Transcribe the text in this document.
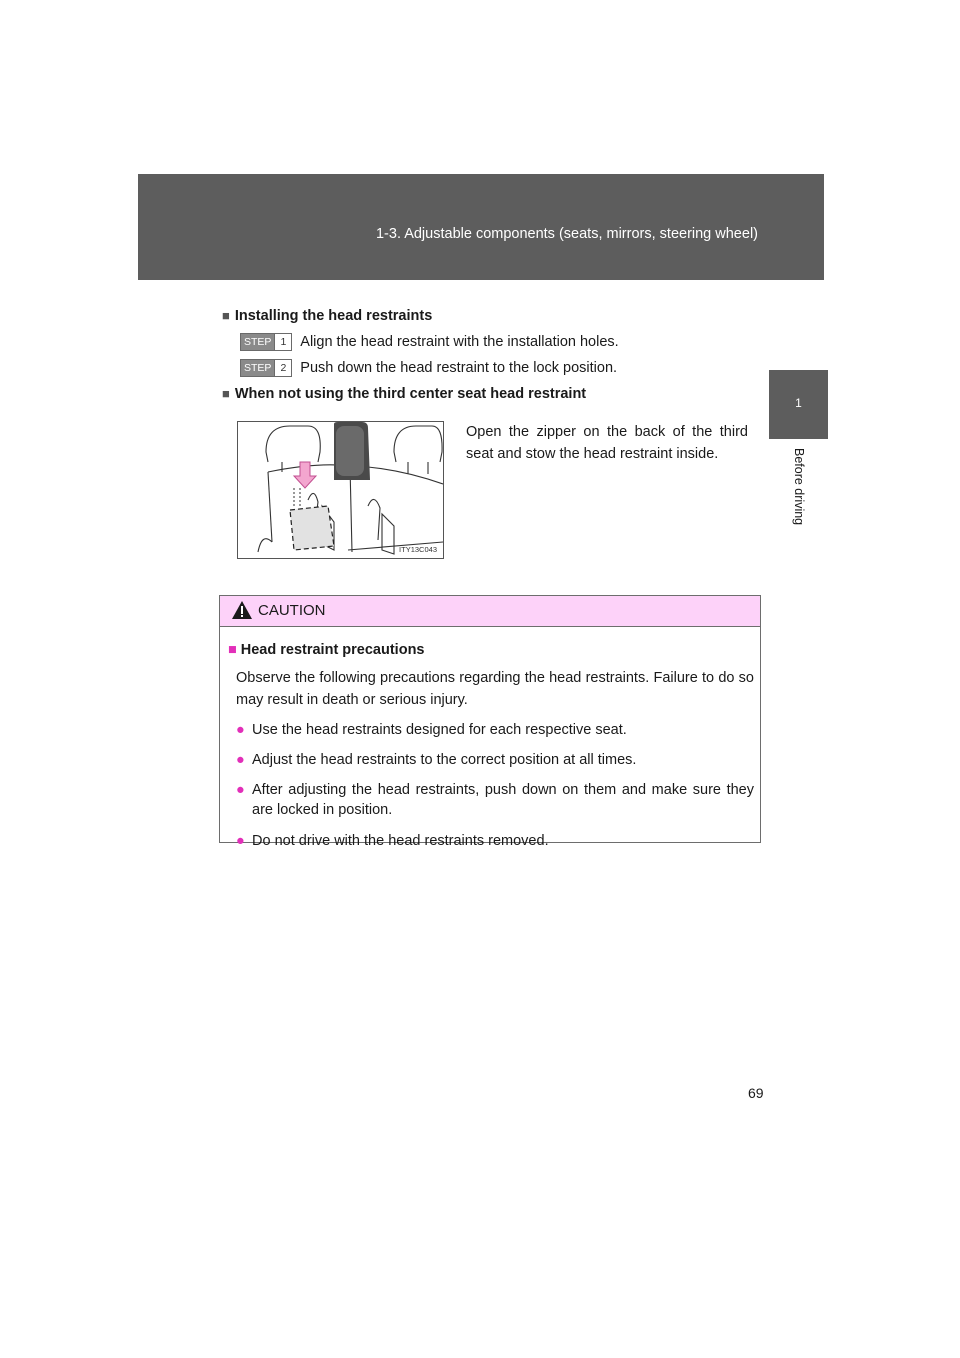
1-3. Adjustable components (seats, mirrors, steering wheel)
1
Before driving
■ Installing the head restraints
STEP 1 Align the head restraint with the installation holes.
STEP 2 Push down the head restraint to the lock position.
■ When not using the third center seat head restraint
ITY13C043
Open the zipper on the back of the third seat and stow the head restraint inside.
CAUTION
■ Head restraint precautions
Observe the following precautions regarding the head restraints. Failure to do so may result in death or serious injury.
● Use the head restraints designed for each respective seat.
● Adjust the head restraints to the correct position at all times.
● After adjusting the head restraints, push down on them and make sure they are locked in position.
● Do not drive with the head restraints removed.
69
